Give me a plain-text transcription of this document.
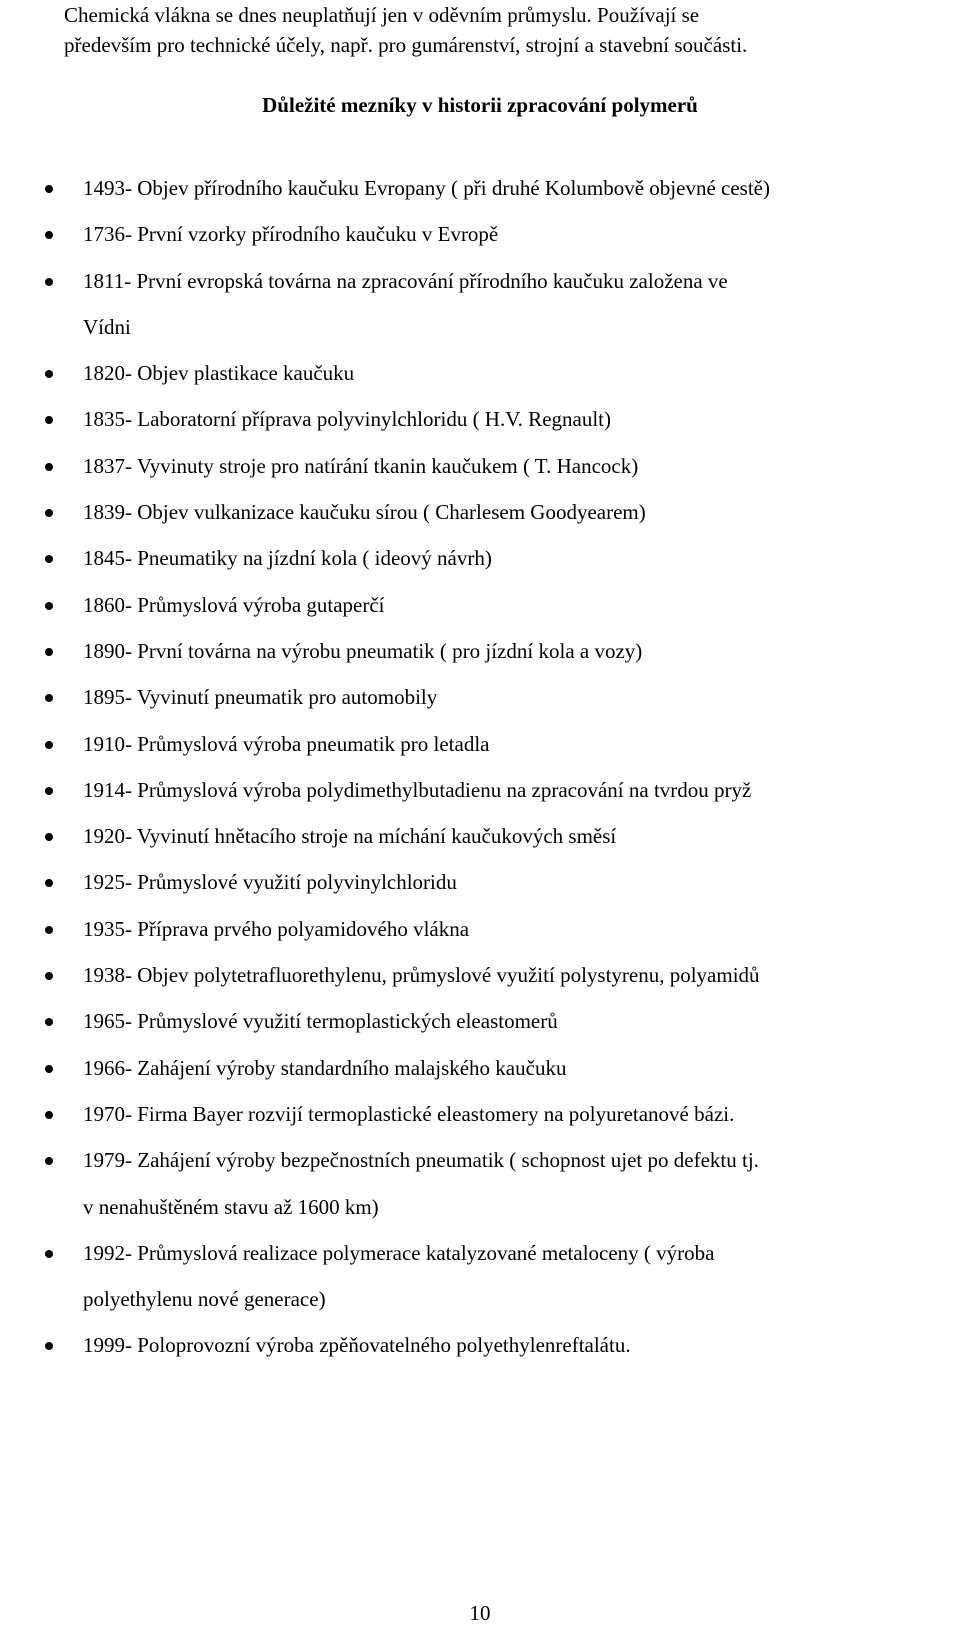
Chemická vlákna se dnes neuplatňují jen v oděvním průmyslu. Používají se

především pro technické účely, např. pro gumárenství, strojní a stavební součásti.

Důležité mezníky v historii zpracování polymerů
1493- Objev přírodního kaučuku Evropany ( při druhé Kolumbově objevné cestě)
1736- První vzorky přírodního kaučuku v Evropě
1811- První evropská továrna na zpracování přírodního kaučuku založena ve
Vídni
1820- Objev plastikace kaučuku
1835- Laboratorní příprava polyvinylchloridu ( H.V. Regnault)
1837- Vyvinuty stroje pro natírání tkanin kaučukem ( T. Hancock)
1839- Objev vulkanizace kaučuku sírou ( Charlesem Goodyearem)
1845- Pneumatiky na jízdní kola ( ideový návrh)
1860- Průmyslová výroba gutaperčí
1890- První továrna na výrobu pneumatik ( pro jízdní kola a vozy)
1895- Vyvinutí pneumatik pro automobily
1910- Průmyslová výroba pneumatik pro letadla
1914- Průmyslová výroba polydimethylbutadienu na zpracování na tvrdou pryž
1920- Vyvinutí hnětacího stroje na míchání kaučukových směsí
1925- Průmyslové využití polyvinylchloridu
1935- Příprava prvého polyamidového vlákna
1938- Objev polytetrafluorethylenu, průmyslové využití polystyrenu, polyamidů
1965- Průmyslové využití termoplastických eleastomerů
1966- Zahájení výroby standardního malajského kaučuku
1970- Firma Bayer rozvijí termoplastické eleastomery na polyuretanové bázi.
1979- Zahájení výroby bezpečnostních pneumatik ( schopnost ujet po defektu tj.
v nenahuštěném stavu až 1600 km)
1992- Průmyslová realizace polymerace katalyzované metaloceny ( výroba
polyethylenu nové generace)
1999- Poloprovozní výroba zpěňovatelného polyethylenreftalátu.
10
